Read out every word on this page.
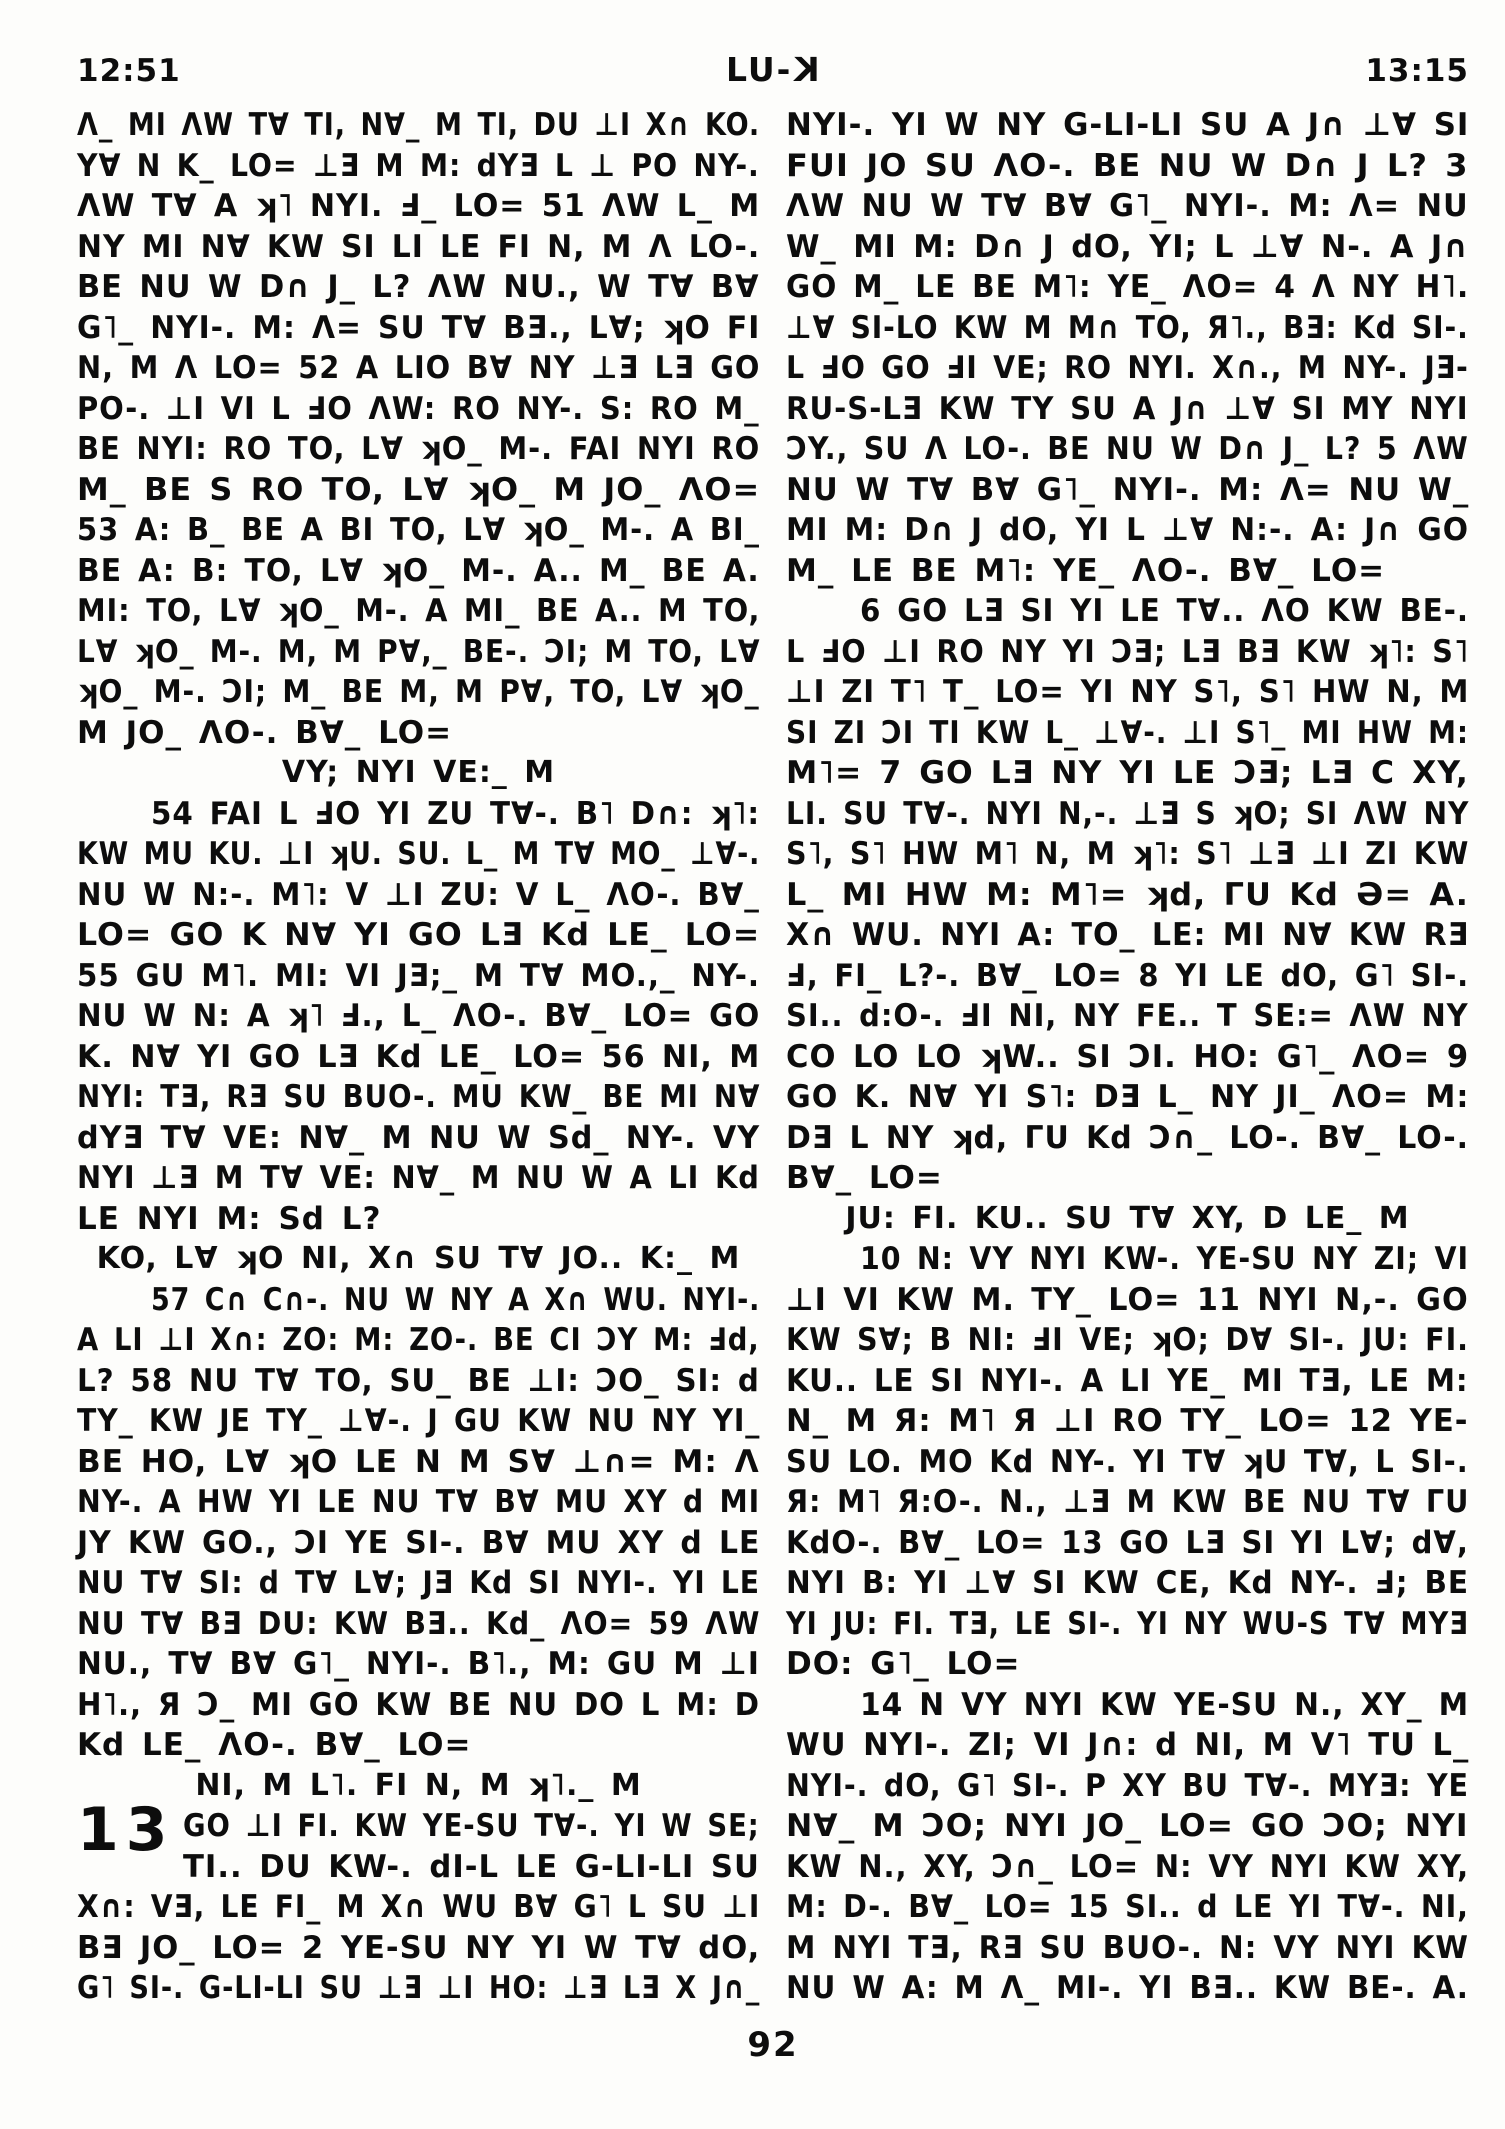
12:51	LU-K	13:15
Λ_ MI ΛW T∀ TI, N∀_ M TI, DU ⊥I X∩ KO.
Y∀ N K_ LO= ⊥Ǝ M M: dYƎ L ⊥ PO NY-.
ΛW T∀ A ʞ˥ NYI. Ⅎ_ LO= 51 ΛW L_ M
NY MI N∀ KW SI LI LE FI N, M Λ LO-.
BE NU W D∩ J_ L? ΛW NU., W T∀ B∀
G˥_ NYI-. M: Λ= SU T∀ BƎ., L∀; ʞO FI
N, M Λ LO= 52 A LIO B∀ NY ⊥Ǝ LƎ GO
PO-. ⊥I VI L ℲO ΛW: RO NY-. S: RO M_
BE NYI: RO TO, L∀ ʞO_ M-. FAI NYI RO
M_ BE S RO TO, L∀ ʞO_ M JO_ ΛO=
53 A: B_ BE A BI TO, L∀ ʞO_ M-. A BI_
BE A: B: TO, L∀ ʞO_ M-. A.. M_ BE A.
MI: TO, L∀ ʞO_ M-. A MI_ BE A.. M TO,
L∀ ʞO_ M-. M, M P∀,_ BE-. ƆI; M TO, L∀
ʞO_ M-. ƆI; M_ BE M, M P∀, TO, L∀ ʞO_
M JO_ ΛO-. B∀_ LO=
VY; NYI VE:_ M
54 FAI L ℲO YI ZU T∀-. B˥ D∩: ʞ˥:
KW MU KU. ⊥I ʞU. SU. L_ M T∀ MO_ ⊥∀-.
NU W N:-. M˥: V ⊥I ZU: V L_ ΛO-. B∀_
LO= GO K N∀ YI GO LƎ Kd LE_ LO=
55 GU M˥. MI: VI JƎ;_ M T∀ MO.,_ NY-.
NU W N: A ʞ˥ Ⅎ., L_ ΛO-. B∀_ LO= GO
K. N∀ YI GO LƎ Kd LE_ LO= 56 NI, M
NYI: TƎ, RƎ SU BUO-. MU KW_ BE MI N∀
dYƎ T∀ VE: N∀_ M NU W Sd_ NY-. VY
NYI ⊥Ǝ M T∀ VE: N∀_ M NU W A LI Kd
LE NYI M: Sd L?
KO, L∀ ʞO NI, X∩ SU T∀ JO.. K:_ M
57 C∩ C∩-. NU W NY A X∩ WU. NYI-.
A LI ⊥I X∩: ZO: M: ZO-. BE CI ƆY M: Ⅎd,
L? 58 NU T∀ TO, SU_ BE ⊥I: ƆO_ SI: d
TY_ KW JE TY_ ⊥∀-. J GU KW NU NY YI_
BE HO, L∀ ʞO LE N M S∀ ⊥∩= M: Λ
NY-. A HW YI LE NU T∀ B∀ MU XY d MI
JY KW GO., ƆI YE SI-. B∀ MU XY d LE
NU T∀ SI: d T∀ L∀; JƎ Kd SI NYI-. YI LE
NU T∀ BƎ DU: KW BƎ.. Kd_ ΛO= 59 ΛW
NU., T∀ B∀ G˥_ NYI-. B˥., M: GU M ⊥I
H˥., Я Ɔ_ MI GO KW BE NU DO L M: D
Kd LE_ ΛO-. B∀_ LO=
NI, M L˥. FI N, M ʞ˥._ M
13 GO ⊥I FI. KW YE-SU T∀-. YI W SE;
TI.. DU KW-. dI-L LE G-LI-LI SU
X∩: VƎ, LE FI_ M X∩ WU B∀ G˥ L SU ⊥I
BƎ JO_ LO= 2 YE-SU NY YI W T∀ dO,
G˥ SI-. G-LI-LI SU ⊥Ǝ ⊥I HO: ⊥Ǝ LƎ X J∩_
NYI-. YI W NY G-LI-LI SU A J∩ ⊥∀ SI
FUI JO SU ΛO-. BE NU W D∩ J L? 3
ΛW NU W T∀ B∀ G˥_ NYI-. M: Λ= NU
W_ MI M: D∩ J dO, YI; L ⊥∀ N-. A J∩
GO M_ LE BE M˥: YE_ ΛO= 4 Λ NY H˥.
⊥∀ SI-LO KW M M∩ TO, Я˥., BƎ: Kd SI-.
L ℲO GO ℲI VE; RO NYI. X∩., M NY-. JƎ-
RU-S-LƎ KW TY SU A J∩ ⊥∀ SI MY NYI
ƆY., SU Λ LO-. BE NU W D∩ J_ L? 5 ΛW
NU W T∀ B∀ G˥_ NYI-. M: Λ= NU W_
MI M: D∩ J dO, YI L ⊥∀ N:-. A: J∩ GO
M_ LE BE M˥: YE_ ΛO-. B∀_ LO=
6 GO LƎ SI YI LE T∀.. ΛO KW BE-.
L ℲO ⊥I RO NY YI ƆƎ; LƎ BƎ KW ʞ˥: S˥
⊥I ZI T˥ T_ LO= YI NY S˥, S˥ HW N, M
SI ZI ƆI TI KW L_ ⊥∀-. ⊥I S˥_ MI HW M:
M˥= 7 GO LƎ NY YI LE ƆƎ; LƎ C XY,
LI. SU T∀-. NYI N,-. ⊥Ǝ S ʞO; SI ΛW NY
S˥, S˥ HW M˥ N, M ʞ˥: S˥ ⊥Ǝ ⊥I ZI KW
L_ MI HW M: M˥= ʞd, ΓU Kd Ə= A.
X∩ WU. NYI A: TO_ LE: MI N∀ KW RƎ
Ⅎ, FI_ L?-. B∀_ LO= 8 YI LE dO, G˥ SI-.
SI.. d:O-. ℲI NI, NY FE.. T SE:= ΛW NY
CO LO LO ʞW.. SI ƆI. HO: G˥_ ΛO= 9
GO K. N∀ YI S˥: DƎ L_ NY JI_ ΛO= M:
DƎ L NY ʞd, ΓU Kd Ɔ∩_ LO-. B∀_ LO-.
B∀_ LO=
JU: FI. KU.. SU T∀ XY, D LE_ M
10 N: VY NYI KW-. YE-SU NY ZI; VI
⊥I VI KW M. TY_ LO= 11 NYI N,-. GO
KW S∀; B NI: ℲI VE; ʞO; D∀ SI-. JU: FI.
KU.. LE SI NYI-. A LI YE_ MI TƎ, LE M:
N_ M Я: M˥ Я ⊥I RO TY_ LO= 12 YE-
SU LO. MO Kd NY-. YI T∀ ʞU T∀, L SI-.
Я: M˥ Я:O-. N., ⊥Ǝ M KW BE NU T∀ ΓU
KdO-. B∀_ LO= 13 GO LƎ SI YI L∀; d∀,
NYI B: YI ⊥∀ SI KW CE, Kd NY-. Ⅎ; BE
YI JU: FI. TƎ, LE SI-. YI NY WU-S T∀ MYƎ
DO: G˥_ LO=
14 N VY NYI KW YE-SU N., XY_ M
WU NYI-. ZI; VI J∩: d NI, M V˥ TU L_
NYI-. dO, G˥ SI-. P XY BU T∀-. MYƎ: YE
N∀_ M ƆO; NYI JO_ LO= GO ƆO; NYI
KW N., XY, Ɔ∩_ LO= N: VY NYI KW XY,
M: D-. B∀_ LO= 15 SI.. d LE YI T∀-. NI,
M NYI TƎ, RƎ SU BUO-. N: VY NYI KW
NU W A: M Λ_ MI-. YI BƎ.. KW BE-. A.
92
